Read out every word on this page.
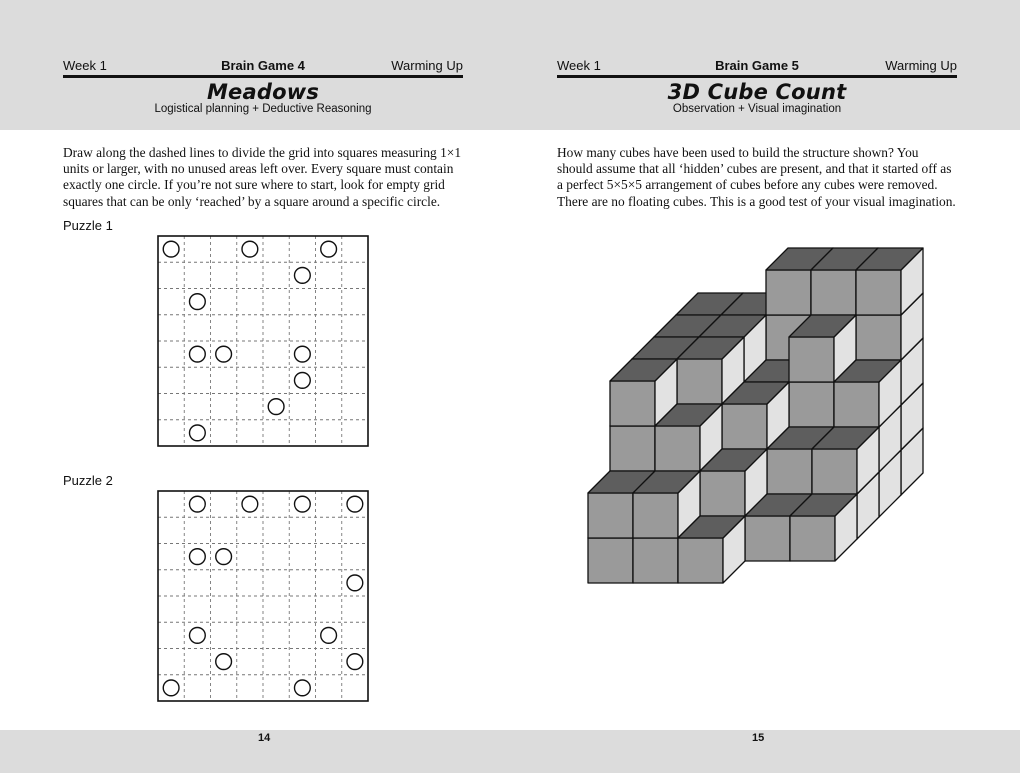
Week 1	Brain Game 4	Warming Up
Meadows
Logistical planning + Deductive Reasoning
Draw along the dashed lines to divide the grid into squares measuring 1×1 units or larger, with no unused areas left over. Every square must contain exactly one circle. If you’re not sure where to start, look for empty grid squares that can be only ‘reached’ by a square around a specific circle.
Puzzle 1
Puzzle 2
14
Week 1	Brain Game 5	Warming Up
3D Cube Count
Observation + Visual imagination
How many cubes have been used to build the structure shown? You should assume that all ‘hidden’ cubes are present, and that it started off as a perfect 5×5×5 arrangement of cubes before any cubes were removed. There are no floating cubes. This is a good test of your visual imagination.
15
